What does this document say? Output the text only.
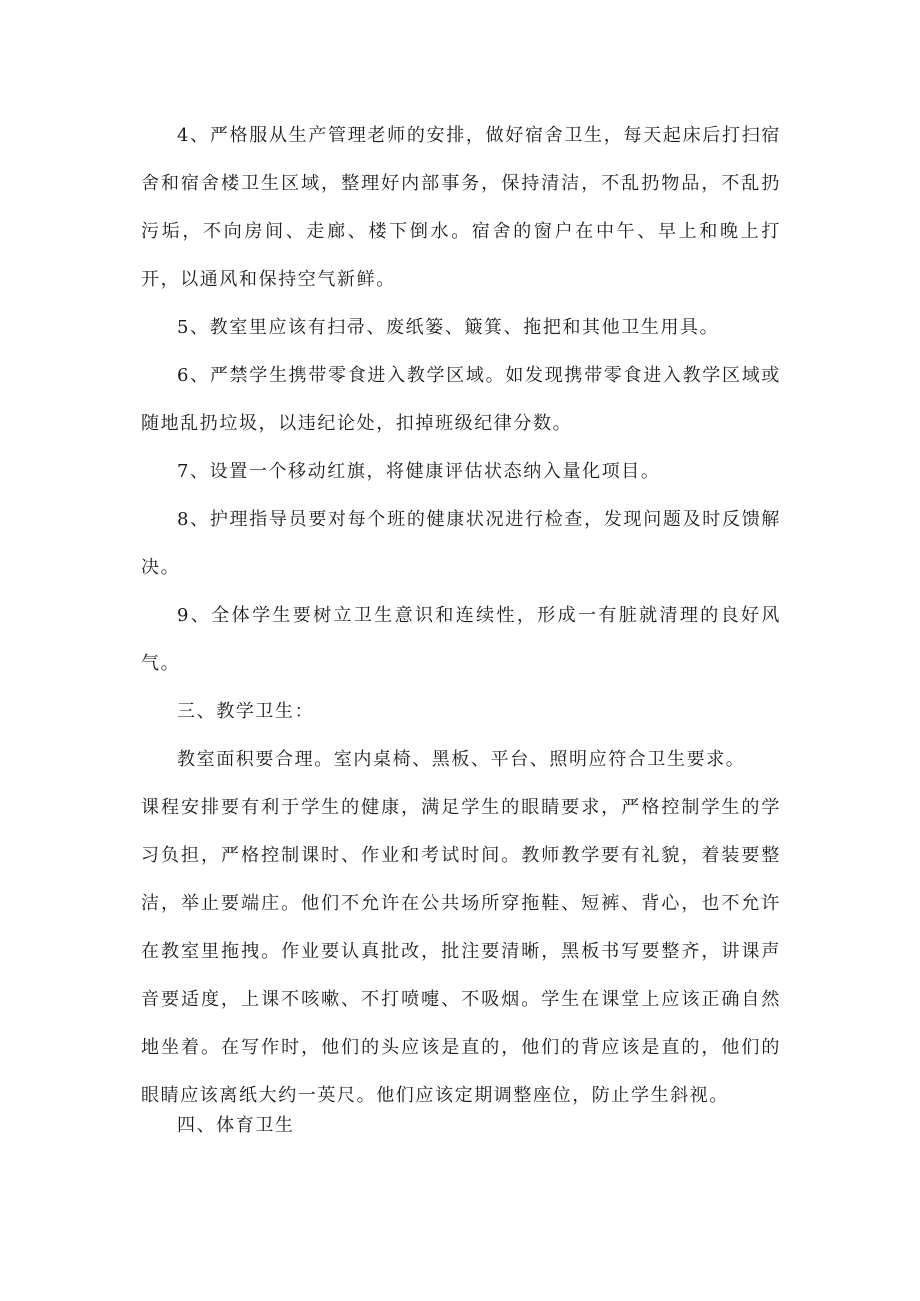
4、严格服从生产管理老师的安排，做好宿舍卫生，每天起床后打扫宿舍和宿舍楼卫生区域，整理好内部事务，保持清洁，不乱扔物品，不乱扔污垢，不向房间、走廊、楼下倒水。宿舍的窗户在中午、早上和晚上打开，以通风和保持空气新鲜。

5、教室里应该有扫帚、废纸篓、簸箕、拖把和其他卫生用具。

6、严禁学生携带零食进入教学区域。如发现携带零食进入教学区域或随地乱扔垃圾，以违纪论处，扣掉班级纪律分数。

7、设置一个移动红旗，将健康评估状态纳入量化项目。

8、护理指导员要对每个班的健康状况进行检查，发现问题及时反馈解决。

9、全体学生要树立卫生意识和连续性，形成一有脏就清理的良好风气。

三、教学卫生：

教室面积要合理。室内桌椅、黑板、平台、照明应符合卫生要求。

课程安排要有利于学生的健康，满足学生的眼睛要求，严格控制学生的学习负担，严格控制课时、作业和考试时间。教师教学要有礼貌，着装要整洁，举止要端庄。他们不允许在公共场所穿拖鞋、短裤、背心，也不允许在教室里拖拽。作业要认真批改，批注要清晰，黑板书写要整齐，讲课声音要适度，上课不咳嗽、不打喷嚏、不吸烟。学生在课堂上应该正确自然地坐着。在写作时，他们的头应该是直的，他们的背应该是直的，他们的眼睛应该离纸大约一英尺。他们应该定期调整座位，防止学生斜视。

四、体育卫生
